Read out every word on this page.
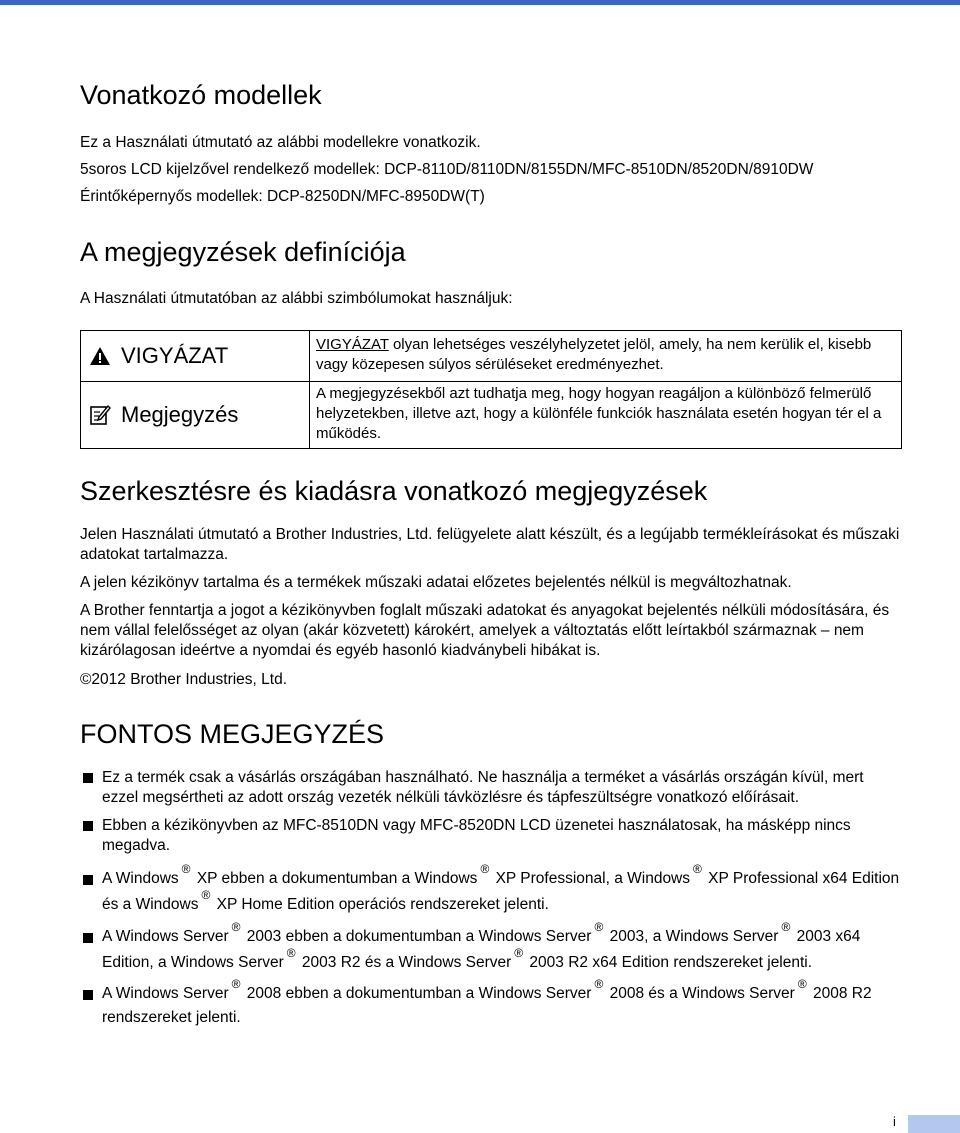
Vonatkozó modellek

Ez a Használati útmutató az alábbi modellekre vonatkozik.

5soros LCD kijelzővel rendelkező modellek: DCP-8110D/8110DN/8155DN/MFC-8510DN/8520DN/8910DW

Érintőképernyős modellek: DCP-8250DN/MFC-8950DW(T)

A megjegyzések definíciója

A Használati útmutatóban az alábbi szimbólumokat használjuk:

VIGYÁZAT	VIGYÁZAT olyan lehetséges veszélyhelyzetet jelöl, amely, ha nem kerülik el, kisebb vagy közepesen súlyos sérüléseket eredményezhet.

Megjegyzés	A megjegyzésekből azt tudhatja meg, hogy hogyan reagáljon a különböző felmerülő helyzetekben, illetve azt, hogy a különféle funkciók használata esetén hogyan tér el a működés.
Szerkesztésre és kiadásra vonatkozó megjegyzések

Jelen Használati útmutató a Brother Industries, Ltd. felügyelete alatt készült, és a legújabb termékleírásokat és műszaki adatokat tartalmazza.

A jelen kézikönyv tartalma és a termékek műszaki adatai előzetes bejelentés nélkül is megváltozhatnak.

A Brother fenntartja a jogot a kézikönyvben foglalt műszaki adatokat és anyagokat bejelentés nélküli módosítására, és nem vállal felelősséget az olyan (akár közvetett) károkért, amelyek a változtatás előtt leírtakból származnak – nem kizárólagosan ideértve a nyomdai és egyéb hasonló kiadványbeli hibákat is.

©2012 Brother Industries, Ltd.

FONTOS MEGJEGYZÉS
Ez a termék csak a vásárlás országában használható. Ne használja a terméket a vásárlás országán kívül, mert ezzel megsértheti az adott ország vezeték nélküli távközlésre és tápfeszültségre vonatkozó előírásait.
Ebben a kézikönyvben az MFC-8510DN vagy MFC-8520DN LCD üzenetei használatosak, ha másképp nincs megadva.
A Windows® XP ebben a dokumentumban a Windows® XP Professional, a Windows® XP Professional x64 Edition és a Windows® XP Home Edition operációs rendszereket jelenti.
A Windows Server® 2003 ebben a dokumentumban a Windows Server® 2003, a Windows Server® 2003 x64 Edition, a Windows Server® 2003 R2 és a Windows Server® 2003 R2 x64 Edition rendszereket jelenti.
A Windows Server® 2008 ebben a dokumentumban a Windows Server® 2008 és a Windows Server® 2008 R2 rendszereket jelenti.
i
